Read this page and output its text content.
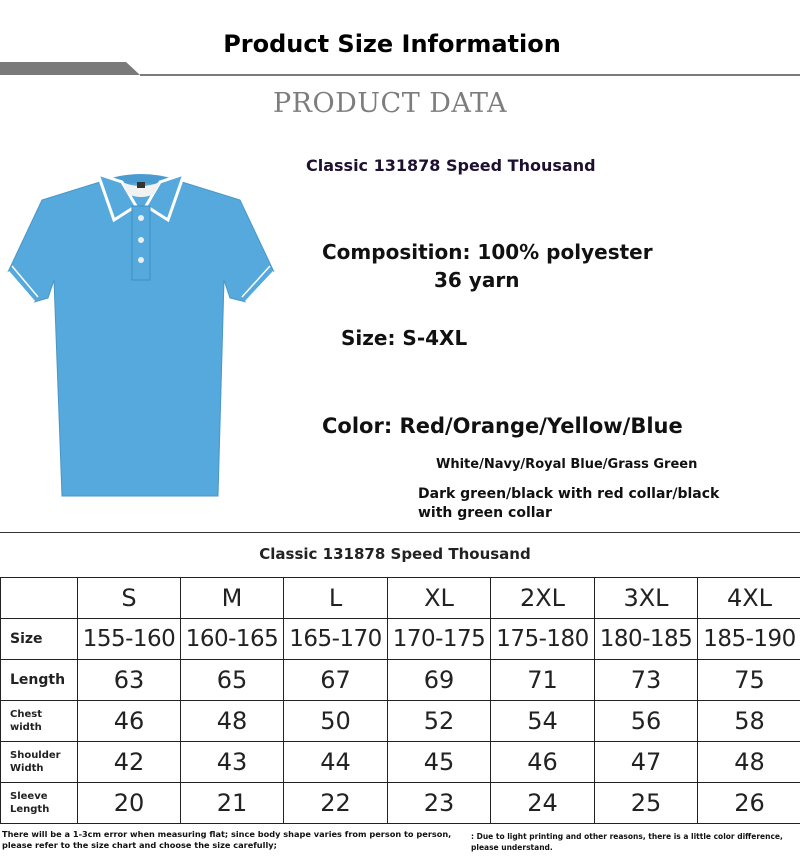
Product Size Information
PRODUCT DATA
Classic 131878 Speed Thousand
Composition: 100% polyester
36 yarn
Size: S-4XL
Color: Red/Orange/Yellow/Blue
White/Navy/Royal Blue/Grass Green
Dark green/black with red collar/black with green collar
Classic 131878 Speed Thousand
	S	M	L	XL	2XL	3XL	4XL
Size	155-160	160-165	165-170	170-175	175-180	180-185	185-190
Length	63	65	67	69	71	73	75
Chest width	46	48	50	52	54	56	58
Shoulder Width	42	43	44	45	46	47	48
Sleeve Length	20	21	22	23	24	25	26
There will be a 1-3cm error when measuring flat; since body shape varies from person to person, please refer to the size chart and choose the size carefully;
: Due to light printing and other reasons, there is a little color difference, please understand.
